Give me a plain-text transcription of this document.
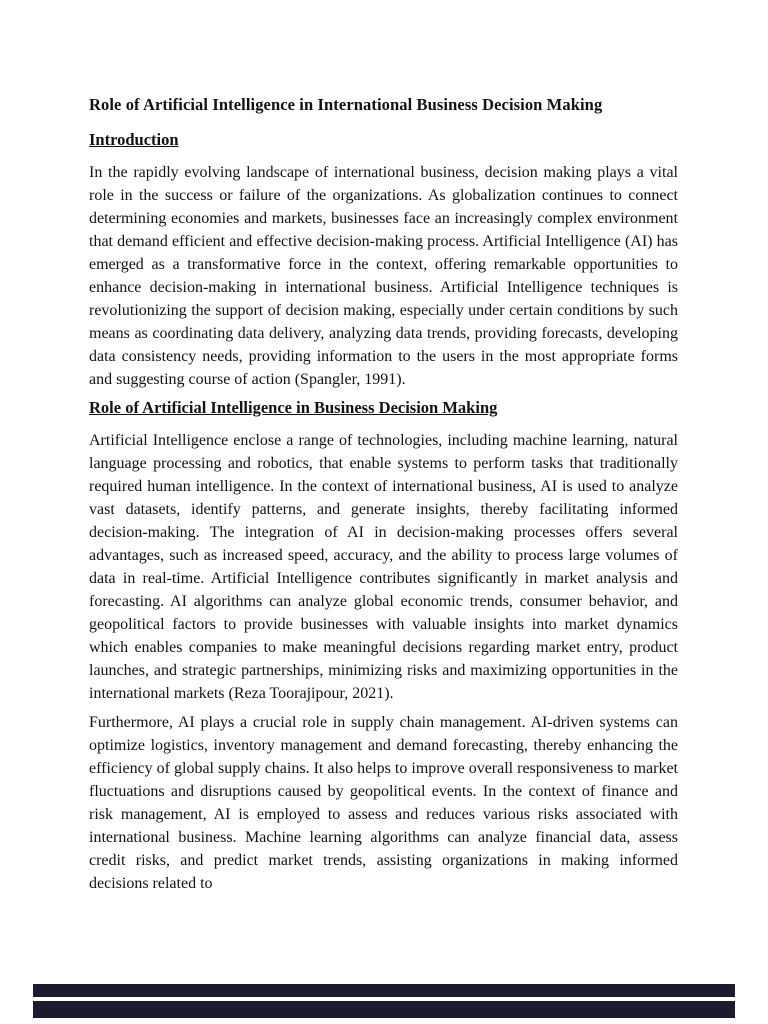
Role of Artificial Intelligence in International Business Decision Making
Introduction

In the rapidly evolving landscape of international business, decision making plays a vital role in the success or failure of the organizations. As globalization continues to connect determining economies and markets, businesses face an increasingly complex environment that demand efficient and effective decision-making process. Artificial Intelligence (AI) has emerged as a transformative force in the context, offering remarkable opportunities to enhance decision-making in international business. Artificial Intelligence techniques is revolutionizing the support of decision making, especially under certain conditions by such means as coordinating data delivery, analyzing data trends, providing forecasts, developing data consistency needs, providing information to the users in the most appropriate forms and suggesting course of action (Spangler, 1991).

Role of Artificial Intelligence in Business Decision Making

Artificial Intelligence enclose a range of technologies, including machine learning, natural language processing and robotics, that enable systems to perform tasks that traditionally required human intelligence. In the context of international business, AI is used to analyze vast datasets, identify patterns, and generate insights, thereby facilitating informed decision-making. The integration of AI in decision-making processes offers several advantages, such as increased speed, accuracy, and the ability to process large volumes of data in real-time. Artificial Intelligence contributes significantly in market analysis and forecasting. AI algorithms can analyze global economic trends, consumer behavior, and geopolitical factors to provide businesses with valuable insights into market dynamics which enables companies to make meaningful decisions regarding market entry, product launches, and strategic partnerships, minimizing risks and maximizing opportunities in the international markets (Reza Toorajipour, 2021).

Furthermore, AI plays a crucial role in supply chain management. AI-driven systems can optimize logistics, inventory management and demand forecasting, thereby enhancing the efficiency of global supply chains. It also helps to improve overall responsiveness to market fluctuations and disruptions caused by geopolitical events. In the context of finance and risk management, AI is employed to assess and reduces various risks associated with international business. Machine learning algorithms can analyze financial data, assess credit risks, and predict market trends, assisting organizations in making informed decisions related to
